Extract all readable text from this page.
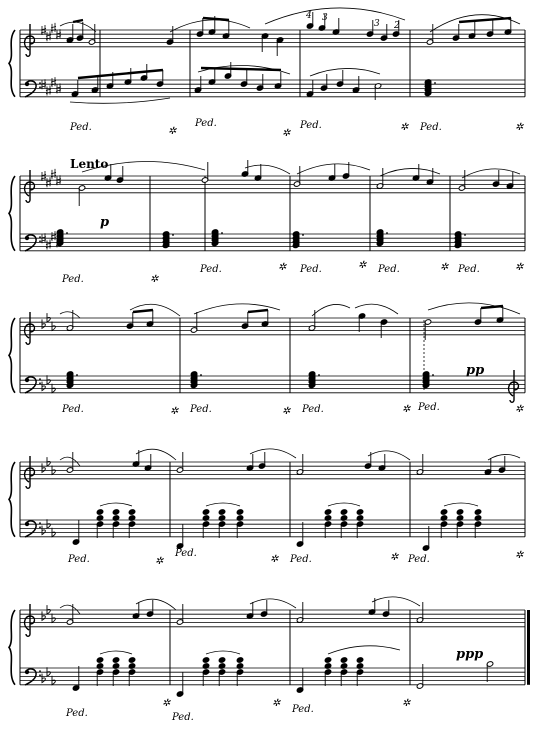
4 3
3 2
Ped.	✲
Ped.
✲
Ped.	✲ Ped.	✲
Lento
p
Ped.	✲
Ped.	✲ Ped.	✲ Ped.	✲ Ped.	✲
pp
Ped.	✲ Ped.	✲ Ped.	✲ Ped.	✲
Ped.	✲
Ped.
✲ Ped.	✲ Ped.	✲
ppp
Ped.	Ped.
✲	✲
Ped.
✲
